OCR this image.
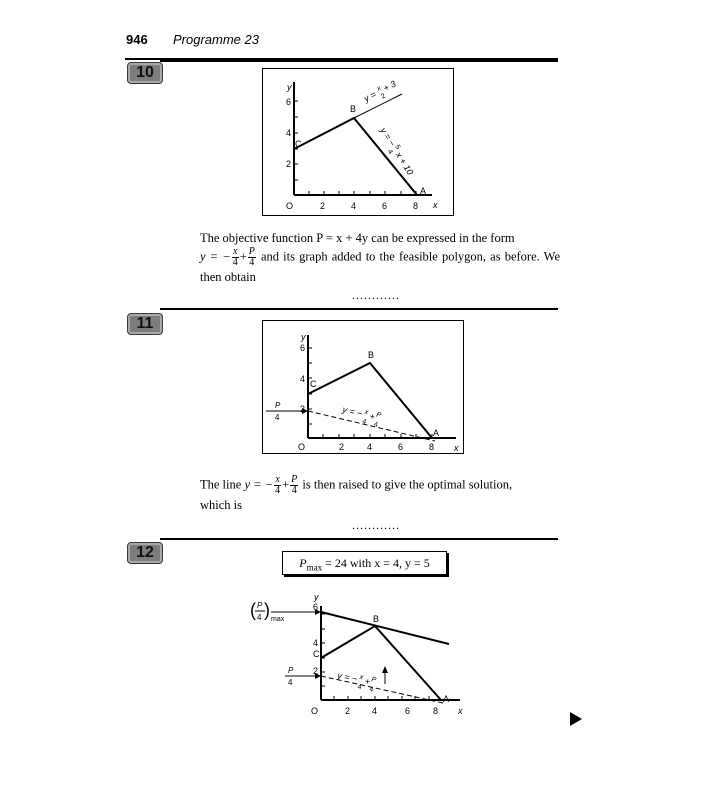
946 Programme 23
10
y
x
O
A
B
C
2	4	6	8
2
4
6	y =
x
2
+ 3
y = −
5
4 x + 10
The objective function P = x + 4y can be expressed in the form
y = − $\frac{x}{4} + \frac{P}{4}$ and its graph added to the feasible polygon, as before. We then obtain
............
11
y
x
O
A
B
C
2	4	6	8
2
4
6
P
4	y = − x
4
+ P
4
The line y = − $\frac{x}{4} + \frac{P}{4}$ is then raised to give the optimal solution,
which is
............
12
$P_{max} = 24$ with x = 4, y = 5
y
x
O
A
B
C
2 4	6	8
2
4
6
P
4
( P
4 ) max
y = − x
4
+ P
4
